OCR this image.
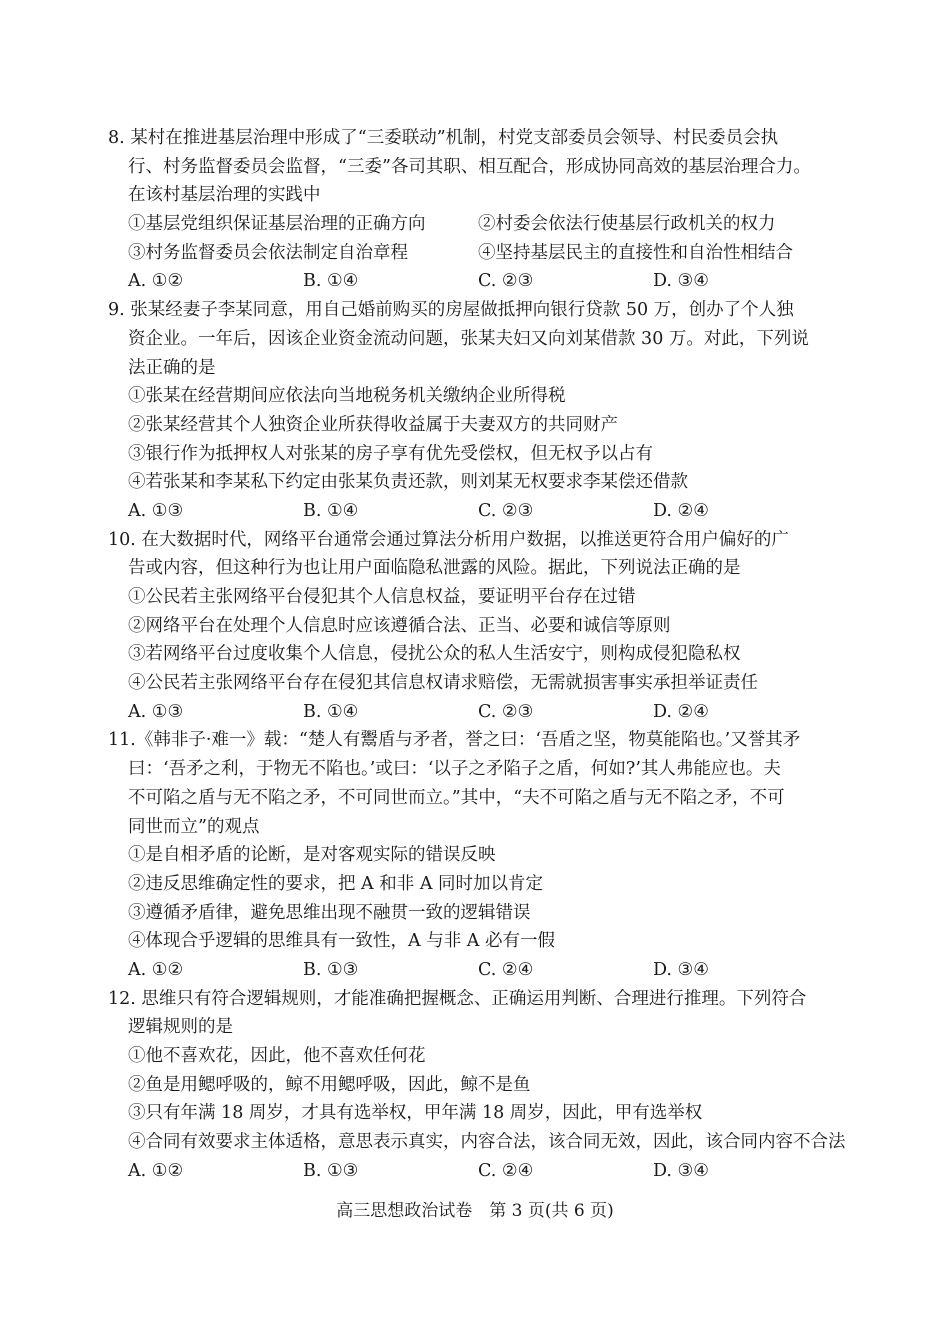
8. 某村在推进基层治理中形成了“三委联动”机制，村党支部委员会领导、村民委员会执
行、村务监督委员会监督，“三委”各司其职、相互配合，形成协同高效的基层治理合力。
在该村基层治理的实践中
①基层党组织保证基层治理的正确方向	②村委会依法行使基层行政机关的权力
③村务监督委员会依法制定自治章程	④坚持基层民主的直接性和自治性相结合
A. ①②	B. ①④	C. ②③	D. ③④
9. 张某经妻子李某同意，用自己婚前购买的房屋做抵押向银行贷款 50 万，创办了个人独
资企业。一年后，因该企业资金流动问题，张某夫妇又向刘某借款 30 万。对此，下列说
法正确的是
①张某在经营期间应依法向当地税务机关缴纳企业所得税
②张某经营其个人独资企业所获得收益属于夫妻双方的共同财产
③银行作为抵押权人对张某的房子享有优先受偿权，但无权予以占有
④若张某和李某私下约定由张某负责还款，则刘某无权要求李某偿还借款
A. ①③	B. ①④	C. ②③	D. ②④
10. 在大数据时代，网络平台通常会通过算法分析用户数据，以推送更符合用户偏好的广
告或内容，但这种行为也让用户面临隐私泄露的风险。据此，下列说法正确的是
①公民若主张网络平台侵犯其个人信息权益，要证明平台存在过错
②网络平台在处理个人信息时应该遵循合法、正当、必要和诚信等原则
③若网络平台过度收集个人信息，侵扰公众的私人生活安宁，则构成侵犯隐私权
④公民若主张网络平台存在侵犯其信息权请求赔偿，无需就损害事实承担举证责任
A. ①③	B. ①④	C. ②③	D. ②④
11.《韩非子·难一》载：“楚人有鬻盾与矛者，誉之曰：‘吾盾之坚，物莫能陷也。’又誉其矛
曰：‘吾矛之利，于物无不陷也。’或曰：‘以子之矛陷子之盾，何如?’其人弗能应也。夫
不可陷之盾与无不陷之矛，不可同世而立。”其中，“夫不可陷之盾与无不陷之矛，不可
同世而立”的观点
①是自相矛盾的论断，是对客观实际的错误反映
②违反思维确定性的要求，把 A 和非 A 同时加以肯定
③遵循矛盾律，避免思维出现不融贯一致的逻辑错误
④体现合乎逻辑的思维具有一致性，A 与非 A 必有一假
A. ①②	B. ①③	C. ②④	D. ③④
12. 思维只有符合逻辑规则，才能准确把握概念、正确运用判断、合理进行推理。下列符合
逻辑规则的是
①他不喜欢花，因此，他不喜欢任何花
②鱼是用鳃呼吸的，鲸不用鳃呼吸，因此，鲸不是鱼
③只有年满 18 周岁，才具有选举权，甲年满 18 周岁，因此，甲有选举权
④合同有效要求主体适格，意思表示真实，内容合法，该合同无效，因此，该合同内容不合法
A. ①②	B. ①③	C. ②④	D. ③④
高三思想政治试卷　第 3 页(共 6 页)
